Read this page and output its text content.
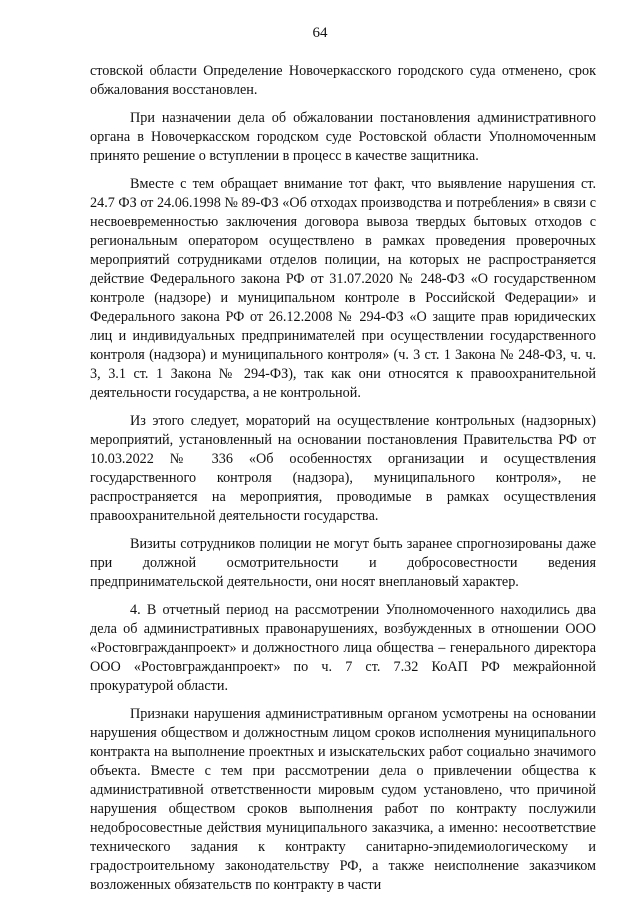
64

стовской области Определение Новочеркасского городского суда отменено, срок обжалования восстановлен.

При назначении дела об обжаловании постановления административного органа в Новочеркасском городском суде Ростовской области Уполномоченным принято решение о вступлении в процесс в качестве защитника.

Вместе с тем обращает внимание тот факт, что выявление нарушения ст. 24.7 ФЗ от 24.06.1998 № 89-ФЗ «Об отходах производства и потребления» в связи с несвоевременностью заключения договора вывоза твердых бытовых отходов с региональным оператором осуществлено в рамках проведения проверочных мероприятий сотрудниками отделов полиции, на которых не распространяется действие Федерального закона РФ от 31.07.2020 № 248-ФЗ «О государственном контроле (надзоре) и муниципальном контроле в Российской Федерации» и Федерального закона РФ от 26.12.2008 № 294-ФЗ «О защите прав юридических лиц и индивидуальных предпринимателей при осуществлении государственного контроля (надзора) и муниципального контроля» (ч. 3 ст. 1 Закона № 248-ФЗ, ч. ч. 3, 3.1 ст. 1 Закона № 294-ФЗ), так как они относятся к правоохранительной деятельности государства, а не контрольной.

Из этого следует, мораторий на осуществление контрольных (надзорных) мероприятий, установленный на основании постановления Правительства РФ от 10.03.2022 № 336 «Об особенностях организации и осуществления государственного контроля (надзора), муниципального контроля», не распространяется на мероприятия, проводимые в рамках осуществления правоохранительной деятельности государства.

Визиты сотрудников полиции не могут быть заранее спрогнозированы даже при должной осмотрительности и добросовестности ведения предпринимательской деятельности, они носят внеплановый характер.

4. В отчетный период на рассмотрении Уполномоченного находились два дела об административных правонарушениях, возбужденных в отношении ООО «Ростовгражданпроект» и должностного лица общества – генерального директора ООО «Ростовгражданпроект» по ч. 7 ст. 7.32 КоАП РФ межрайонной прокуратурой области.

Признаки нарушения административным органом усмотрены на основании нарушения обществом и должностным лицом сроков исполнения муниципального контракта на выполнение проектных и изыскательских работ социально значимого объекта. Вместе с тем при рассмотрении дела о привлечении общества к административной ответственности мировым судом установлено, что причиной нарушения обществом сроков выполнения работ по контракту послужили недобросовестные действия муниципального заказчика, а именно: несоответствие технического задания к контракту санитарно-эпидемиологическому и градостроительному законодательству РФ, а также неисполнение заказчиком возложенных обязательств по контракту в части
